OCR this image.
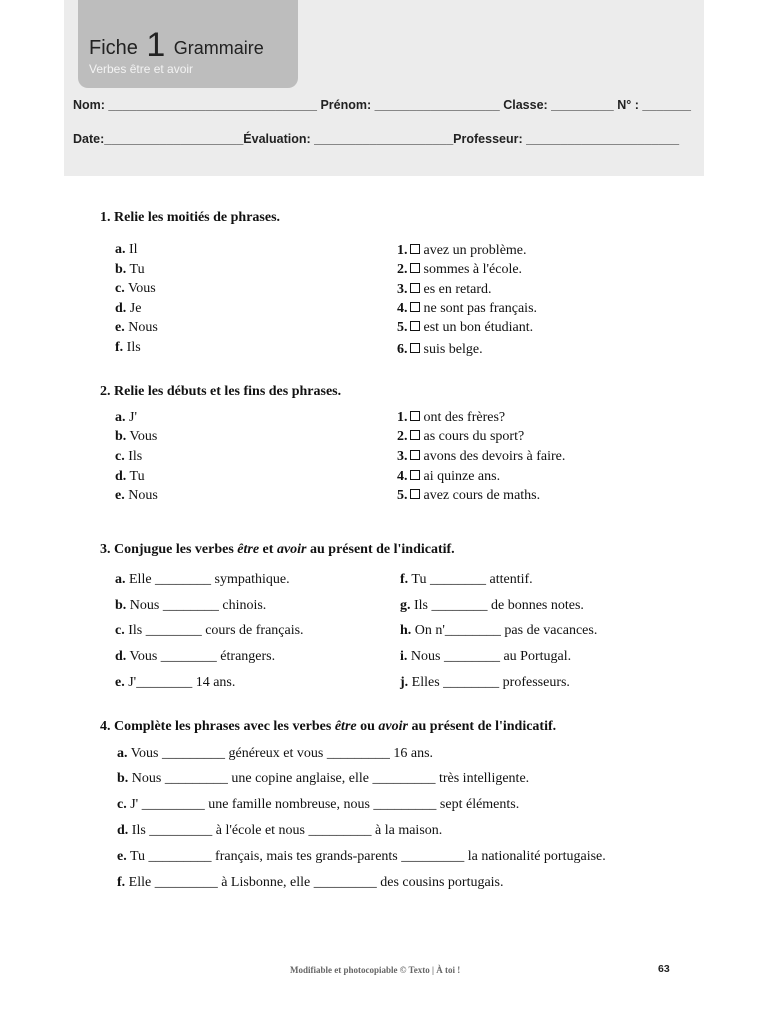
Fiche 1 Grammaire
Verbes être et avoir
Nom: ______________________________ Prénom: __________________ Classe: _________ N° : _______
Date:____________________Évaluation: ____________________Professeur: ______________________
1. Relie les moitiés de phrases.
a. Il
b. Tu
c. Vous
d. Je
e. Nous
f. Ils
1. avez un problème.
2. sommes à l'école.
3. es en retard.
4. ne sont pas français.
5. est un bon étudiant.
6. suis belge.
2. Relie les débuts et les fins des phrases.
a. J'
b. Vous
c. Ils
d. Tu
e. Nous
1. ont des frères?
2. as cours du sport?
3. avons des devoirs à faire.
4. ai quinze ans.
5. avez cours de maths.
3. Conjugue les verbes être et avoir au présent de l'indicatif.
a. Elle ________ sympathique.
b. Nous ________ chinois.
c. Ils ________ cours de français.
d. Vous ________ étrangers.
e. J'________ 14 ans.
f. Tu ________ attentif.
g. Ils ________ de bonnes notes.
h. On n'________ pas de vacances.
i. Nous ________ au Portugal.
j. Elles ________ professeurs.
4. Complète les phrases avec les verbes être ou avoir au présent de l'indicatif.
a. Vous _________ généreux et vous _________ 16 ans.
b. Nous _________ une copine anglaise, elle _________ très intelligente.
c. J' _________ une famille nombreuse, nous _________ sept éléments.
d. Ils _________ à l'école et nous _________ à la maison.
e. Tu _________ français, mais tes grands-parents _________ la nationalité portugaise.
f. Elle _________ à Lisbonne, elle _________ des cousins portugais.
Modifiable et photocopiable © Texto | À toi !	63
